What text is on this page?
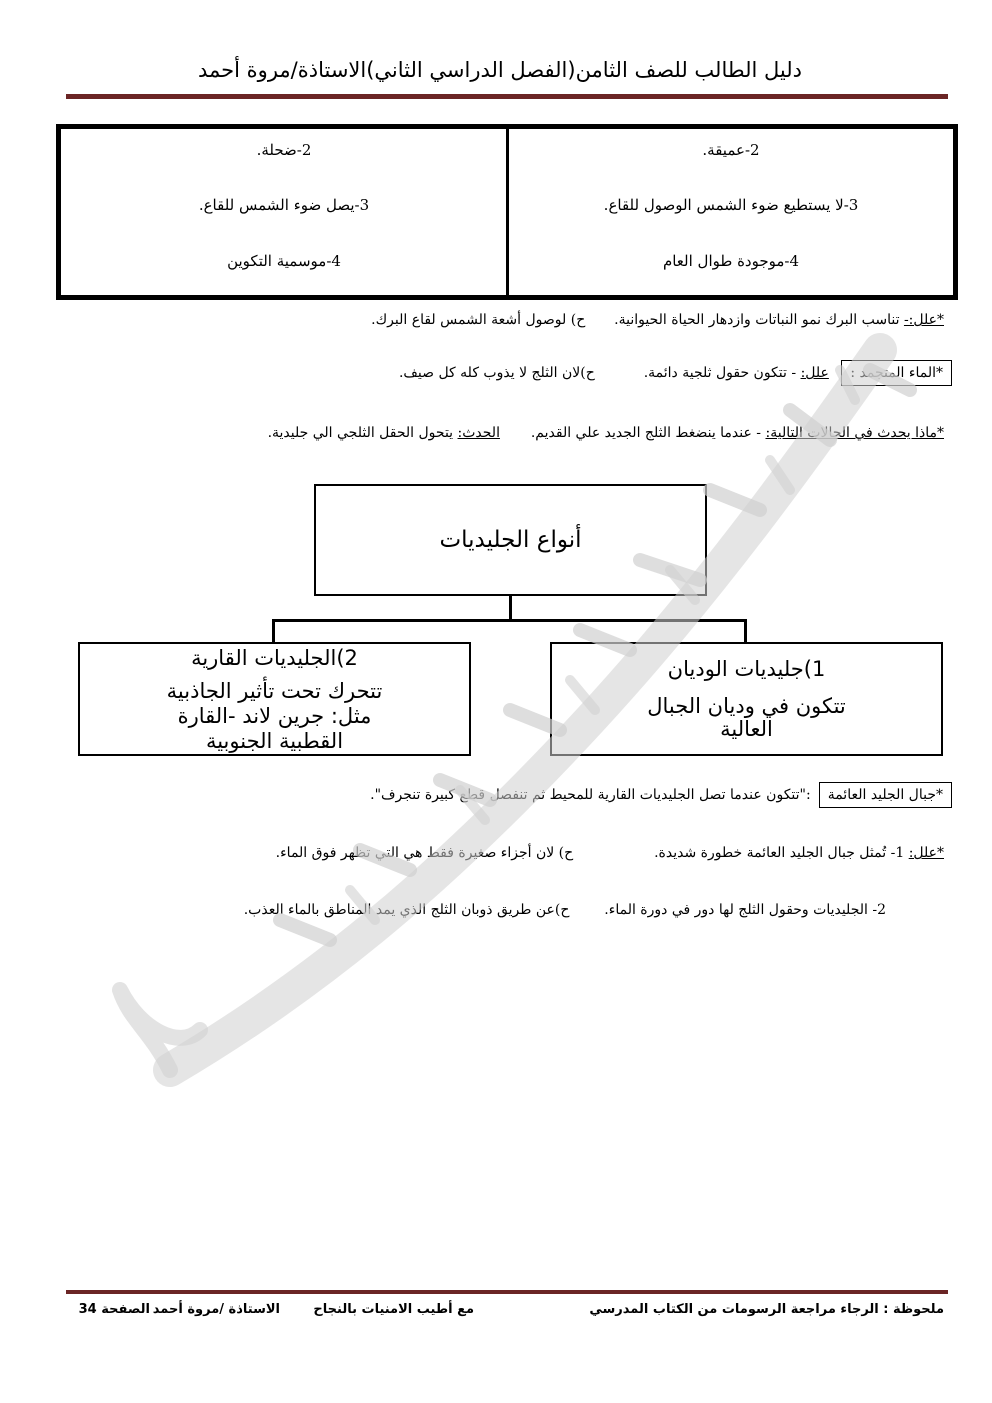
دليل الطالب للصف الثامن(الفصل الدراسي الثاني)الاستاذة/مروة أحمد
2-عميقة.
3-لا يستطيع ضوء الشمس الوصول للقاع.
4-موجودة طوال العام
2-ضحلة.
3-يصل ضوء الشمس للقاع.
4-موسمية التكوين
*علل:- تناسب البرك نمو النباتات وازدهار الحياة الحيوانية.  ح) لوصول أشعة الشمس لقاع البرك.
*الماء المتجمد : علل: - تتكون حقول ثلجية دائمة.  ح)لان الثلج لا يذوب كله كل صيف.
*ماذا يحدث في الحالات التالية: - عندما ينضغط الثلج الجديد علي القديم.  الحدث: يتحول الحقل الثلجي الي جليدية.
أنواع الجليديات
1)جليديات الوديان
تتكون في وديان الجبال
العالية
2)الجليديات القارية
تتحرك تحت تأثير الجاذبية
مثل: جرين لاند -القارة
القطبية الجنوبية
*جبال الجليد العائمة:"تتكون عندما تصل الجليديات القارية للمحيط ثم تنفصل قطع كبيرة تنجرف".
*علل: 1- تُمثل جبال الجليد العائمة خطورة شديدة.  ح) لان أجزاء صغيرة فقط هي التي تظهر فوق الماء.
2- الجليديات وحقول الثلج لها دور في دورة الماء.  ح)عن طريق ذوبان الثلج الذي يمد المناطق بالماء العذب.
ملحوظة : الرجاء مراجعة الرسومات من الكتاب المدرسي
مع أطيب الامنيات بالنجاح
الاستاذة /مروة أحمد
الصفحة 34
